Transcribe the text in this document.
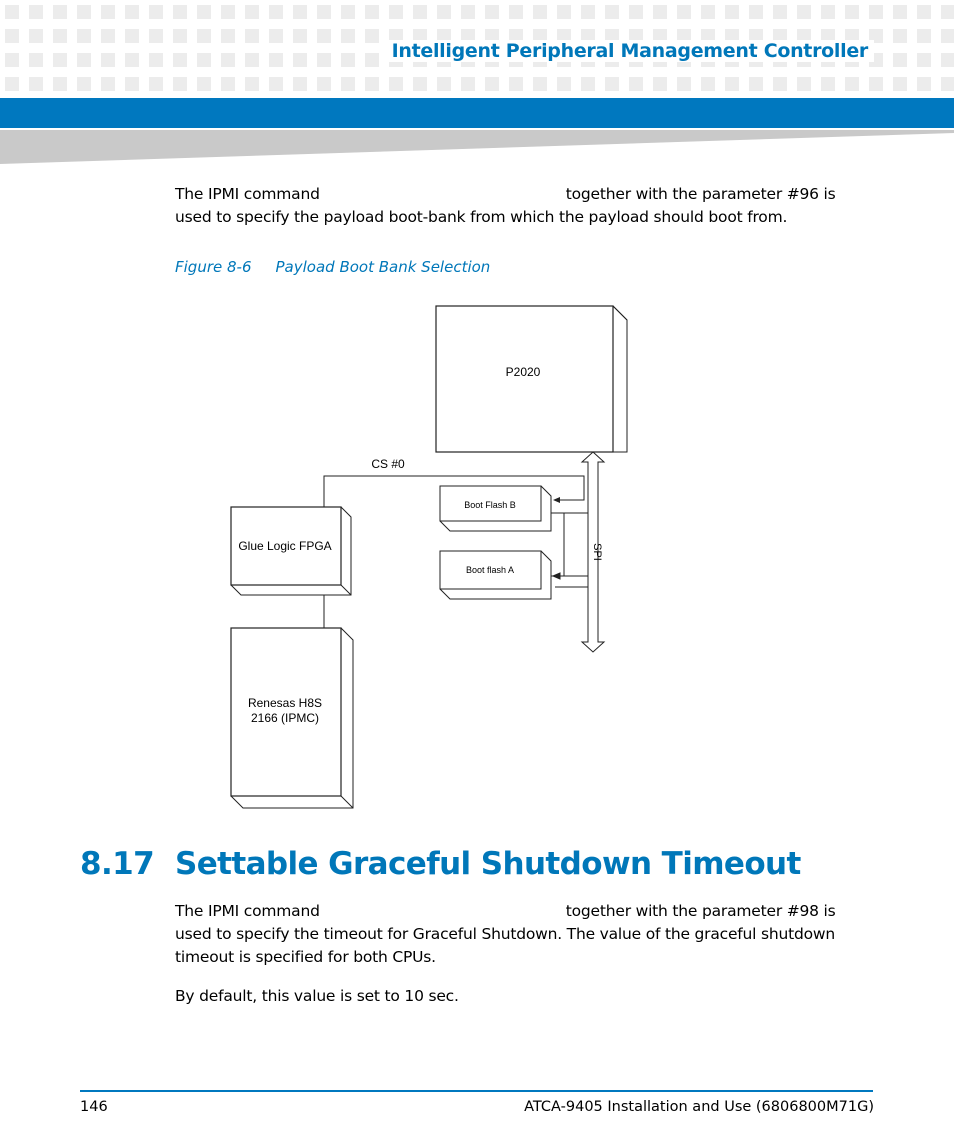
Intelligent Peripheral Management Controller

The IPMI command	together with the parameter #96 is used to specify the payload boot-bank from which the payload should boot from.

Figure 8-6 Payload Boot Bank Selection
P2020
CS #0
SPI
Boot Flash B
Boot flash A
Glue Logic FPGA
Renesas H8S
2166 (IPMC)
8.17 Settable Graceful Shutdown Timeout

The IPMI command	together with the parameter #98 is used to specify the timeout for Graceful Shutdown. The value of the graceful shutdown timeout is specified for both CPUs.

By default, this value is set to 10 sec.

146	ATCA-9405 Installation and Use (6806800M71G)
